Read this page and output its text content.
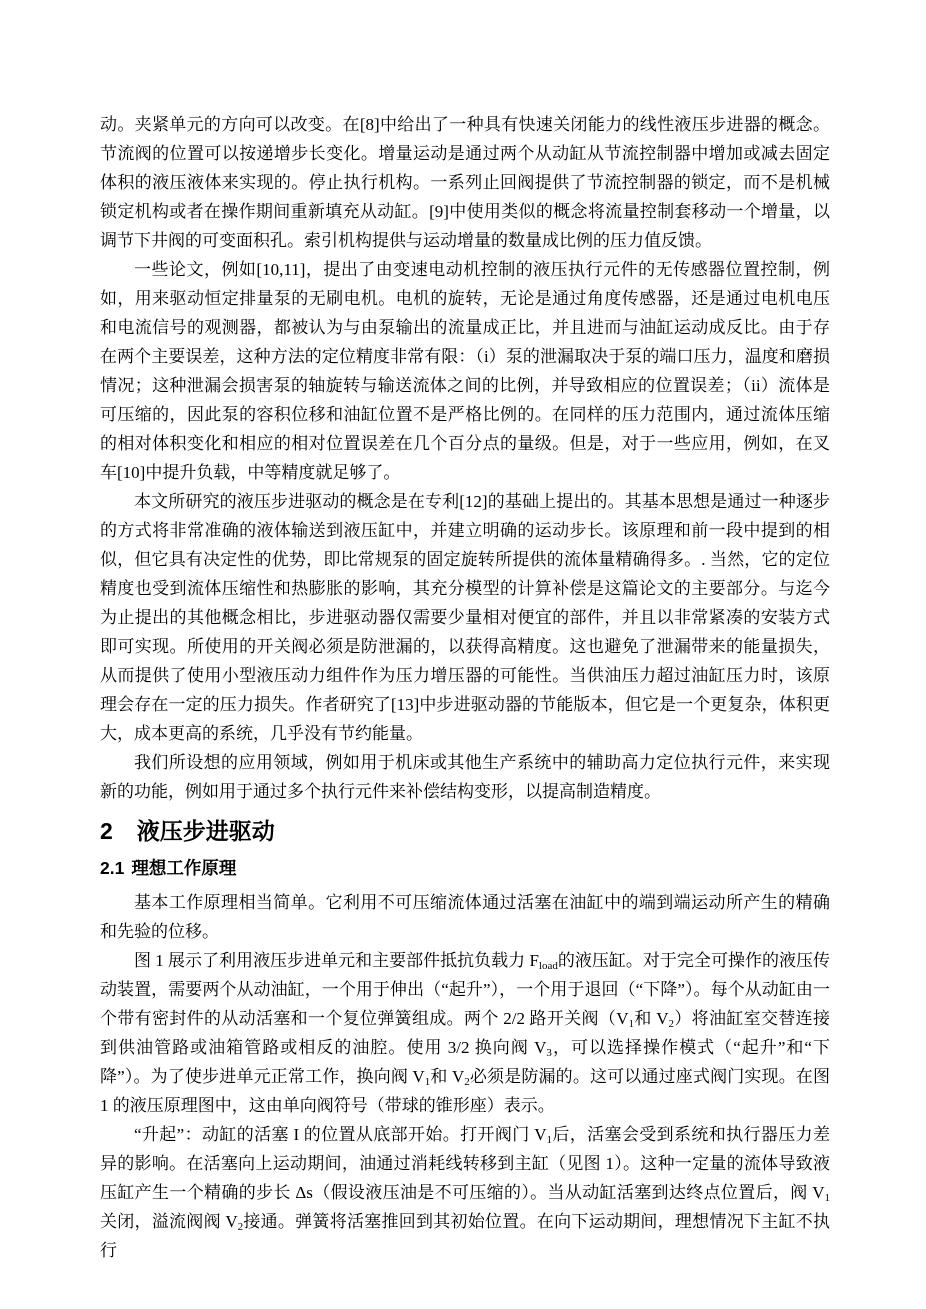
动。夹紧单元的方向可以改变。在[8]中给出了一种具有快速关闭能力的线性液压步进器的概念。节流阀的位置可以按递增步长变化。增量运动是通过两个从动缸从节流控制器中增加或减去固定体积的液压液体来实现的。停止执行机构。一系列止回阀提供了节流控制器的锁定，而不是机械锁定机构或者在操作期间重新填充从动缸。[9]中使用类似的概念将流量控制套移动一个增量，以调节下井阀的可变面积孔。索引机构提供与运动增量的数量成比例的压力值反馈。

一些论文，例如[10,11]，提出了由变速电动机控制的液压执行元件的无传感器位置控制，例如，用来驱动恒定排量泵的无刷电机。电机的旋转，无论是通过角度传感器，还是通过电机电压和电流信号的观测器，都被认为与由泵输出的流量成正比，并且进而与油缸运动成反比。由于存在两个主要误差，这种方法的定位精度非常有限：（i）泵的泄漏取决于泵的端口压力，温度和磨损情况；这种泄漏会损害泵的轴旋转与输送流体之间的比例，并导致相应的位置误差；（ii）流体是可压缩的，因此泵的容积位移和油缸位置不是严格比例的。在同样的压力范围内，通过流体压缩的相对体积变化和相应的相对位置误差在几个百分点的量级。但是，对于一些应用，例如，在叉车[10]中提升负载，中等精度就足够了。

本文所研究的液压步进驱动的概念是在专利[12]的基础上提出的。其基本思想是通过一种逐步的方式将非常准确的液体输送到液压缸中，并建立明确的运动步长。该原理和前一段中提到的相似，但它具有决定性的优势，即比常规泵的固定旋转所提供的流体量精确得多。. 当然，它的定位精度也受到流体压缩性和热膨胀的影响，其充分模型的计算补偿是这篇论文的主要部分。与迄今为止提出的其他概念相比，步进驱动器仅需要少量相对便宜的部件，并且以非常紧凑的安装方式即可实现。所使用的开关阀必须是防泄漏的，以获得高精度。这也避免了泄漏带来的能量损失，从而提供了使用小型液压动力组件作为压力增压器的可能性。当供油压力超过油缸压力时，该原理会存在一定的压力损失。作者研究了[13]中步进驱动器的节能版本，但它是一个更复杂，体积更大，成本更高的系统，几乎没有节约能量。

我们所设想的应用领域，例如用于机床或其他生产系统中的辅助高力定位执行元件，来实现新的功能，例如用于通过多个执行元件来补偿结构变形，以提高制造精度。

2 液压步进驱动
2.1 理想工作原理

基本工作原理相当简单。它利用不可压缩流体通过活塞在油缸中的端到端运动所产生的精确和先验的位移。

图 1 展示了利用液压步进单元和主要部件抵抗负载力 $F_{load}$的液压缸。对于完全可操作的液压传动装置，需要两个从动油缸，一个用于伸出（“起升”），一个用于退回（“下降”）。每个从动缸由一个带有密封件的从动活塞和一个复位弹簧组成。两个 2/2 路开关阀（$V_1$和 $V_2$）将油缸室交替连接到供油管路或油箱管路或相反的油腔。使用 3/2 换向阀 $V_3$，可以选择操作模式（“起升”和“下降”）。为了使步进单元正常工作，换向阀 $V_1$和 $V_2$必须是防漏的。这可以通过座式阀门实现。在图 1 的液压原理图中，这由单向阀符号（带球的锥形座）表示。

“升起”：动缸的活塞 I 的位置从底部开始。打开阀门 $V_1$后，活塞会受到系统和执行器压力差异的影响。在活塞向上运动期间，油通过消耗线转移到主缸（见图 1）。这种一定量的流体导致液压缸产生一个精确的步长 Δs（假设液压油是不可压缩的）。当从动缸活塞到达终点位置后，阀 $V_1$关闭，溢流阀阀 $V_2$接通。弹簧将活塞推回到其初始位置。在向下运动期间，理想情况下主缸不执行
